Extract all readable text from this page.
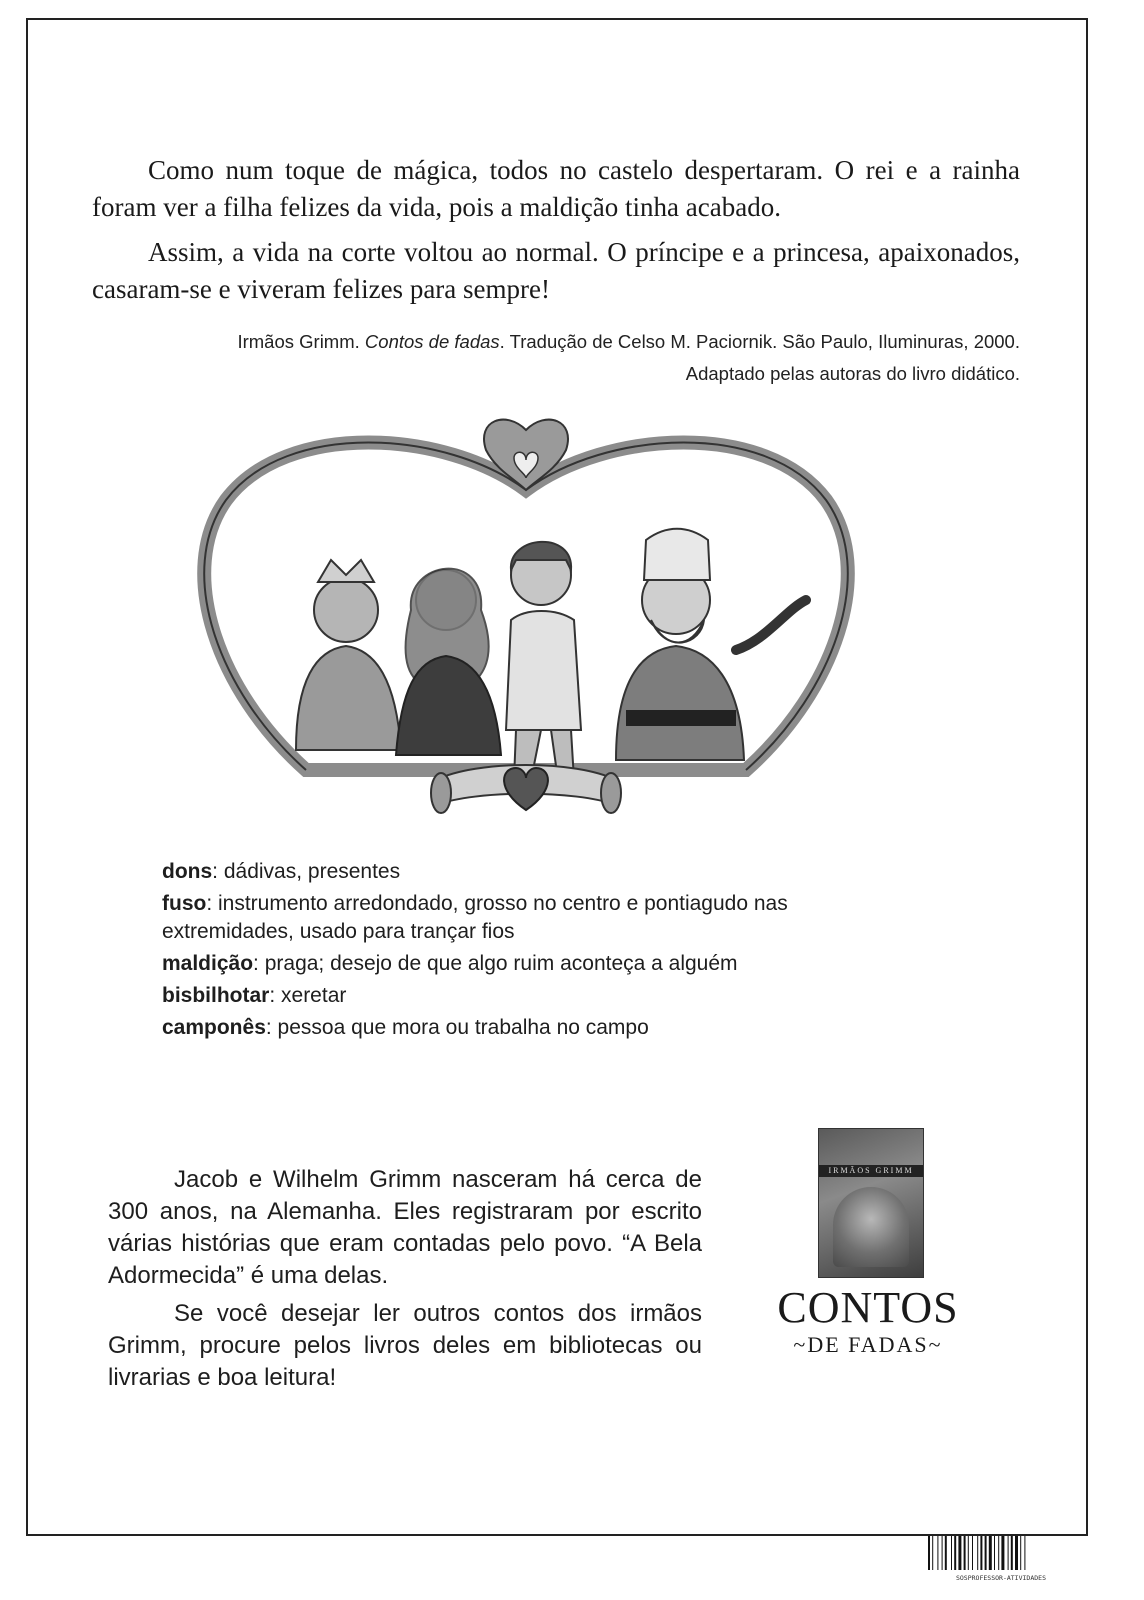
Como num toque de mágica, todos no castelo despertaram. O rei e a rainha foram ver a filha felizes da vida, pois a maldição tinha acabado.

Assim, a vida na corte voltou ao normal. O príncipe e a princesa, apaixonados, casaram-se e viveram felizes para sempre!

Irmãos Grimm. Contos de fadas. Tradução de Celso M. Paciornik. São Paulo, Iluminuras, 2000.
Adaptado pelas autoras do livro didático.
dons: dádivas, presentes
fuso: instrumento arredondado, grosso no centro e pontiagudo nas extremidades, usado para trançar fios
maldição: praga; desejo de que algo ruim aconteça a alguém
bisbilhotar: xeretar
camponês: pessoa que mora ou trabalha no campo

Jacob e Wilhelm Grimm nasceram há cerca de 300 anos, na Alemanha. Eles registraram por escrito várias histórias que eram contadas pelo povo. “A Bela Adormecida” é uma delas.

Se você desejar ler outros contos dos irmãos Grimm, procure pelos livros deles em bibliotecas ou livrarias e boa leitura!

IRMÃOS GRIMM
CONTOS
~DE FADAS~
SOSPROFESSOR-ATIVIDADES
